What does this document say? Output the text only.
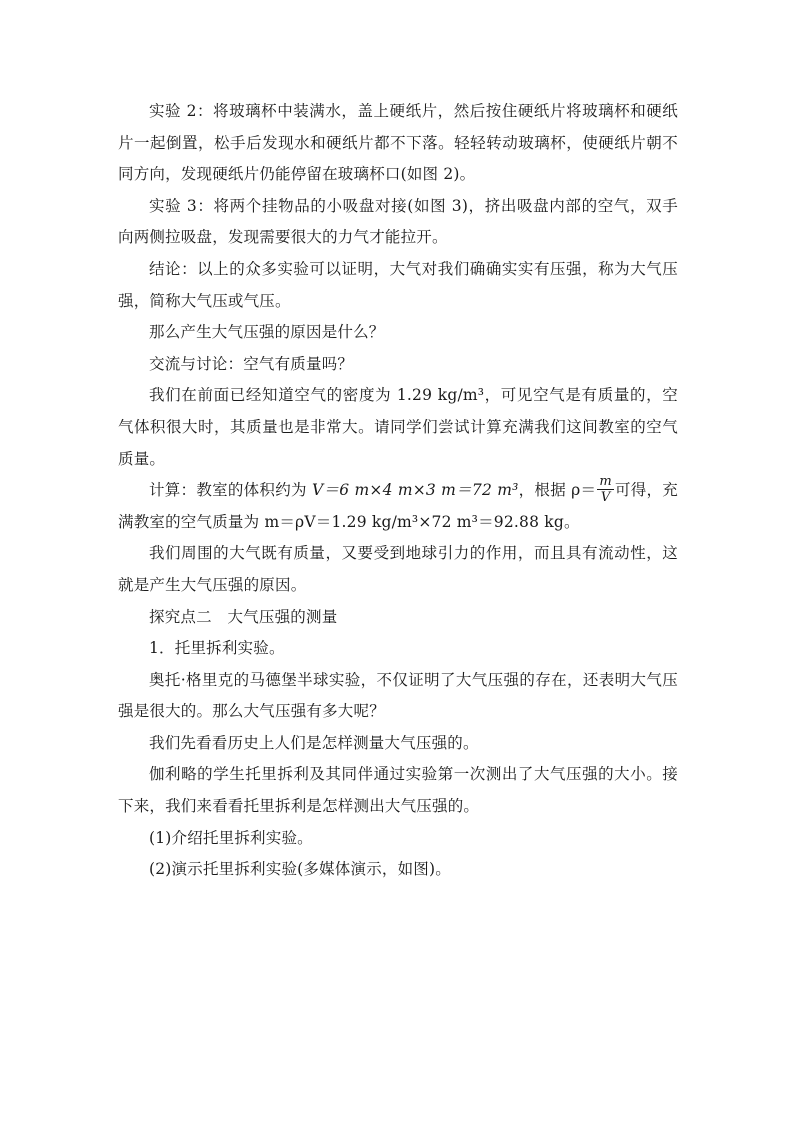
实验 2：将玻璃杯中装满水，盖上硬纸片，然后按住硬纸片将玻璃杯和硬纸片一起倒置，松手后发现水和硬纸片都不下落。轻轻转动玻璃杯，使硬纸片朝不同方向，发现硬纸片仍能停留在玻璃杯口(如图 2)。

实验 3：将两个挂物品的小吸盘对接(如图 3)，挤出吸盘内部的空气，双手向两侧拉吸盘，发现需要很大的力气才能拉开。

结论：以上的众多实验可以证明，大气对我们确确实实有压强，称为大气压强，简称大气压或气压。

那么产生大气压强的原因是什么？

交流与讨论：空气有质量吗？

我们在前面已经知道空气的密度为 1.29 kg/m³，可见空气是有质量的，空气体积很大时，其质量也是非常大。请同学们尝试计算充满我们这间教室的空气质量。

计算：教室的体积约为 V＝6 m×4 m×3 m＝72 m³，根据 $\rho= \frac{m}{V}$ 可得，充满教室的空气质量为 m＝ρV＝1.29 kg/m³×72 m³＝92.88 kg。

我们周围的大气既有质量，又要受到地球引力的作用，而且具有流动性，这就是产生大气压强的原因。

探究点二　大气压强的测量

1．托里拆利实验。

奥托·格里克的马德堡半球实验，不仅证明了大气压强的存在，还表明大气压强是很大的。那么大气压强有多大呢？

我们先看看历史上人们是怎样测量大气压强的。

伽利略的学生托里拆利及其同伴通过实验第一次测出了大气压强的大小。接下来，我们来看看托里拆利是怎样测出大气压强的。

(1)介绍托里拆利实验。

(2)演示托里拆利实验(多媒体演示，如图)。
